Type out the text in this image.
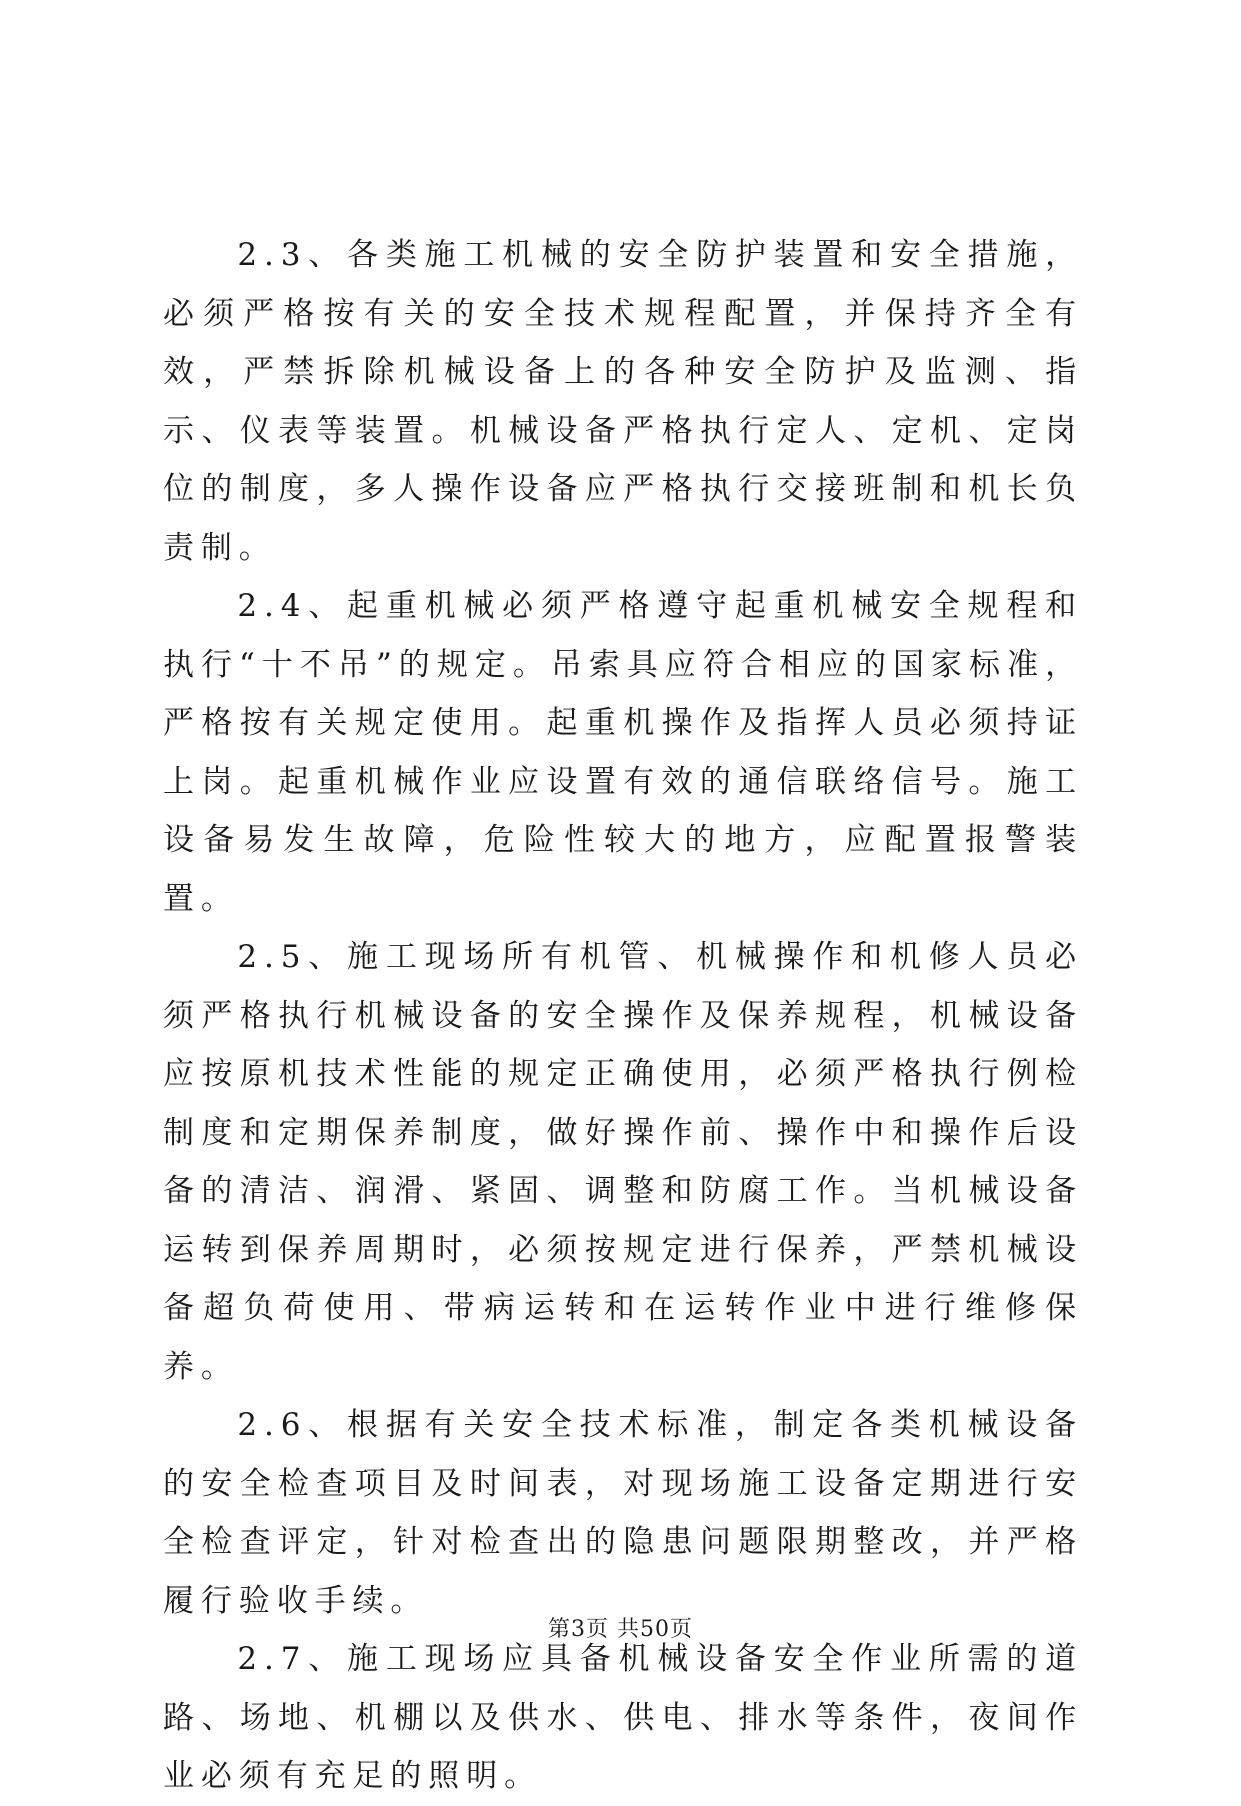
2.3、各类施工机械的安全防护装置和安全措施，必须严格按有关的安全技术规程配置，并保持齐全有效，严禁拆除机械设备上的各种安全防护及监测、指示、仪表等装置。机械设备严格执行定人、定机、定岗位的制度，多人操作设备应严格执行交接班制和机长负责制。

2.4、起重机械必须严格遵守起重机械安全规程和执行“十不吊”的规定。吊索具应符合相应的国家标准，严格按有关规定使用。起重机操作及指挥人员必须持证上岗。起重机械作业应设置有效的通信联络信号。施工设备易发生故障，危险性较大的地方，应配置报警装置。

2.5、施工现场所有机管、机械操作和机修人员必须严格执行机械设备的安全操作及保养规程，机械设备应按原机技术性能的规定正确使用，必须严格执行例检制度和定期保养制度，做好操作前、操作中和操作后设备的清洁、润滑、紧固、调整和防腐工作。当机械设备运转到保养周期时，必须按规定进行保养，严禁机械设备超负荷使用、带病运转和在运转作业中进行维修保养。

2.6、根据有关安全技术标准，制定各类机械设备的安全检查项目及时间表，对现场施工设备定期进行安全检查评定，针对检查出的隐患问题限期整改，并严格履行验收手续。

2.7、施工现场应具备机械设备安全作业所需的道路、场地、机棚以及供水、供电、排水等条件，夜间作业必须有充足的照明。

第3页 共50页
